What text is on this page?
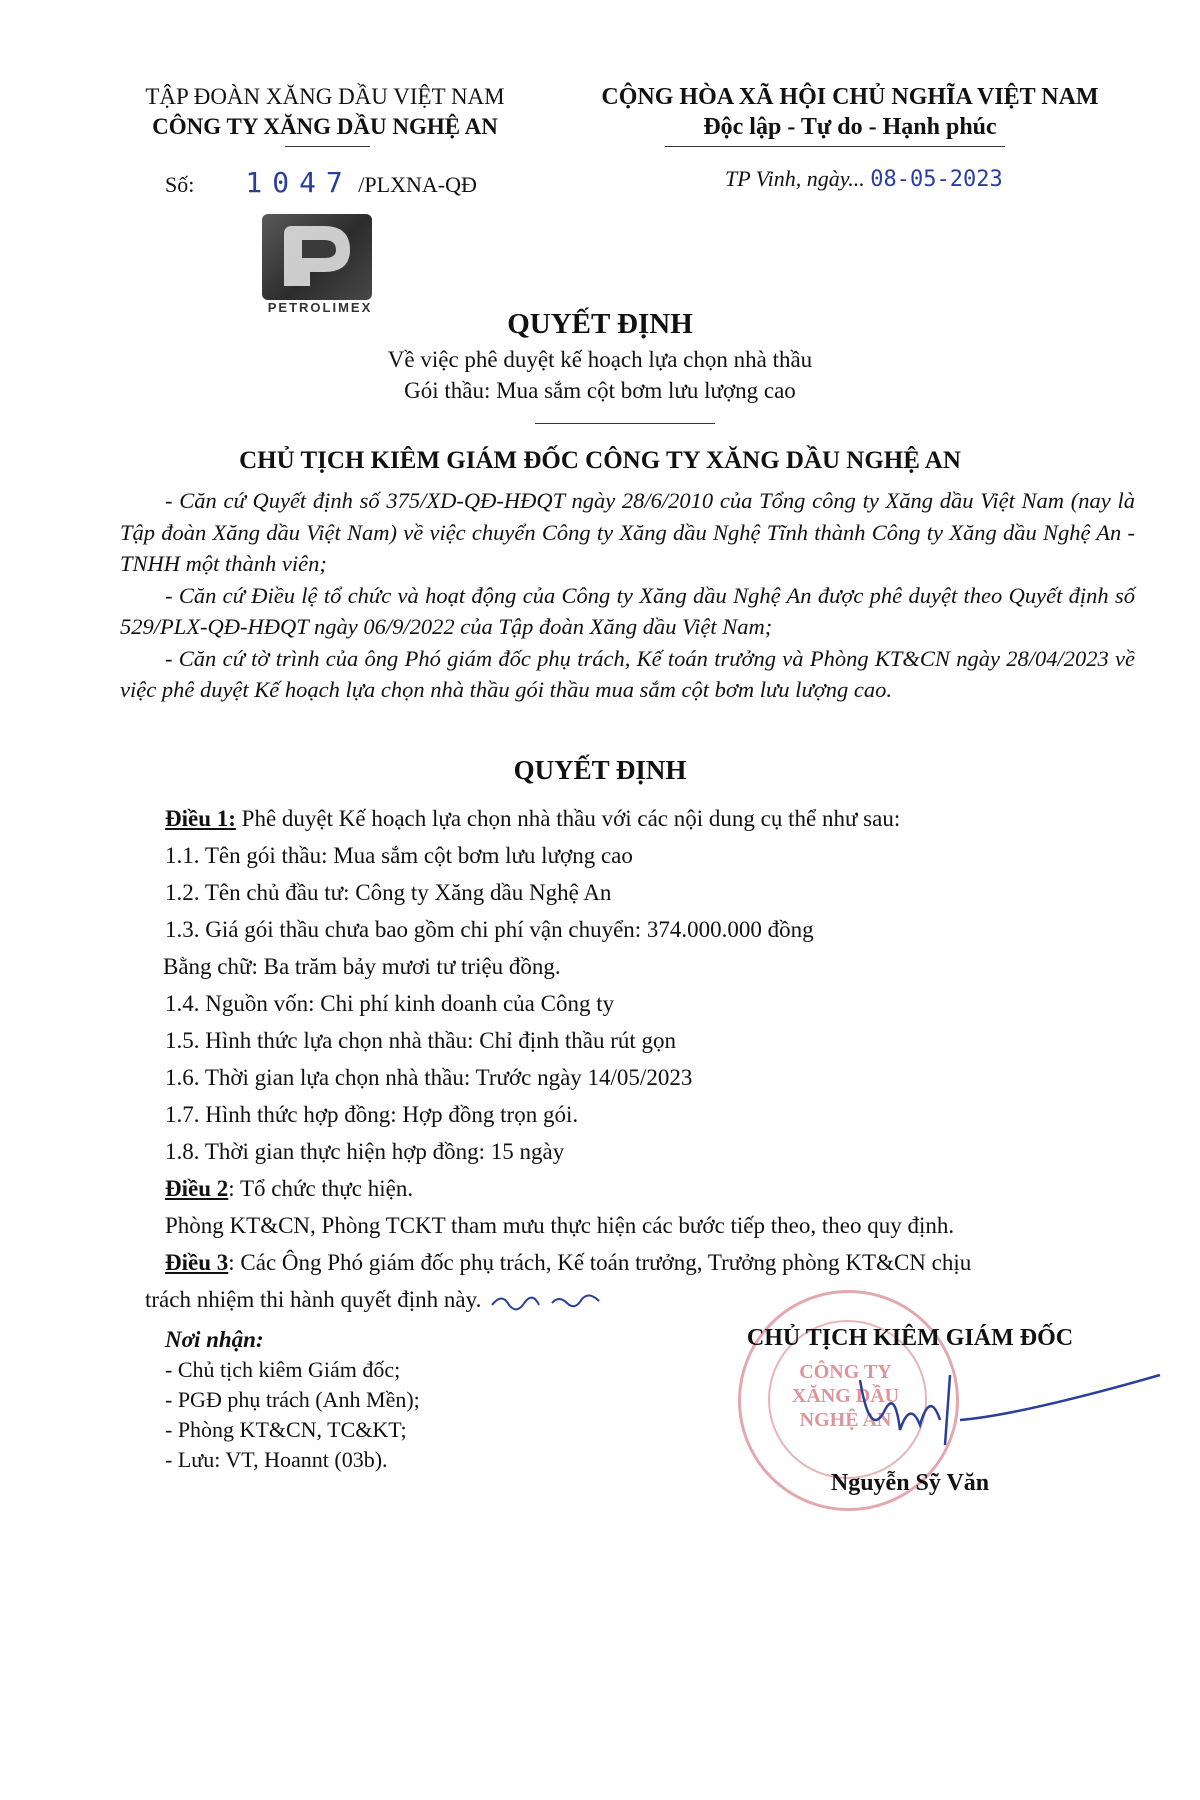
TẬP ĐOÀN XĂNG DẦU VIỆT NAM
CÔNG TY XĂNG DẦU NGHỆ AN
CỘNG HÒA XÃ HỘI CHỦ NGHĨA VIỆT NAM
Độc lập - Tự do - Hạnh phúc
Số: 1047 /PLXNA-QĐ	TP Vinh, ngày... 08-05-2023
PETROLIMEX
QUYẾT ĐỊNH
Về việc phê duyệt kế hoạch lựa chọn nhà thầu
Gói thầu: Mua sắm cột bơm lưu lượng cao
CHỦ TỊCH KIÊM GIÁM ĐỐC CÔNG TY XĂNG DẦU NGHỆ AN

- Căn cứ Quyết định số 375/XD-QĐ-HĐQT ngày 28/6/2010 của Tổng công ty Xăng dầu Việt Nam (nay là Tập đoàn Xăng dầu Việt Nam) về việc chuyển Công ty Xăng dầu Nghệ Tĩnh thành Công ty Xăng dầu Nghệ An - TNHH một thành viên;

- Căn cứ Điều lệ tổ chức và hoạt động của Công ty Xăng dầu Nghệ An được phê duyệt theo Quyết định số 529/PLX-QĐ-HĐQT ngày 06/9/2022 của Tập đoàn Xăng dầu Việt Nam;

- Căn cứ tờ trình của ông Phó giám đốc phụ trách, Kế toán trưởng và Phòng KT&CN ngày 28/04/2023 về việc phê duyệt Kế hoạch lựa chọn nhà thầu gói thầu mua sắm cột bơm lưu lượng cao.

QUYẾT ĐỊNH
Điều 1: Phê duyệt Kế hoạch lựa chọn nhà thầu với các nội dung cụ thể như sau:
1.1. Tên gói thầu: Mua sắm cột bơm lưu lượng cao
1.2. Tên chủ đầu tư: Công ty Xăng dầu Nghệ An
1.3. Giá gói thầu chưa bao gồm chi phí vận chuyển: 374.000.000 đồng
Bằng chữ: Ba trăm bảy mươi tư triệu đồng.
1.4. Nguồn vốn: Chi phí kinh doanh của Công ty
1.5. Hình thức lựa chọn nhà thầu: Chỉ định thầu rút gọn
1.6. Thời gian lựa chọn nhà thầu: Trước ngày 14/05/2023
1.7. Hình thức hợp đồng: Hợp đồng trọn gói.
1.8. Thời gian thực hiện hợp đồng: 15 ngày
Điều 2: Tổ chức thực hiện.
Phòng KT&CN, Phòng TCKT tham mưu thực hiện các bước tiếp theo, theo quy định.
Điều 3: Các Ông Phó giám đốc phụ trách, Kế toán trưởng, Trưởng phòng KT&CN chịu
trách nhiệm thi hành quyết định này.
Nơi nhận:
- Chủ tịch kiêm Giám đốc;
- PGĐ phụ trách (Anh Mền);
- Phòng KT&CN, TC&KT;
- Lưu: VT, Hoannt (03b).
CÔNG TY
XĂNG DẦU
NGHỆ AN
CHỦ TỊCH KIÊM GIÁM ĐỐC
Nguyễn Sỹ Văn
